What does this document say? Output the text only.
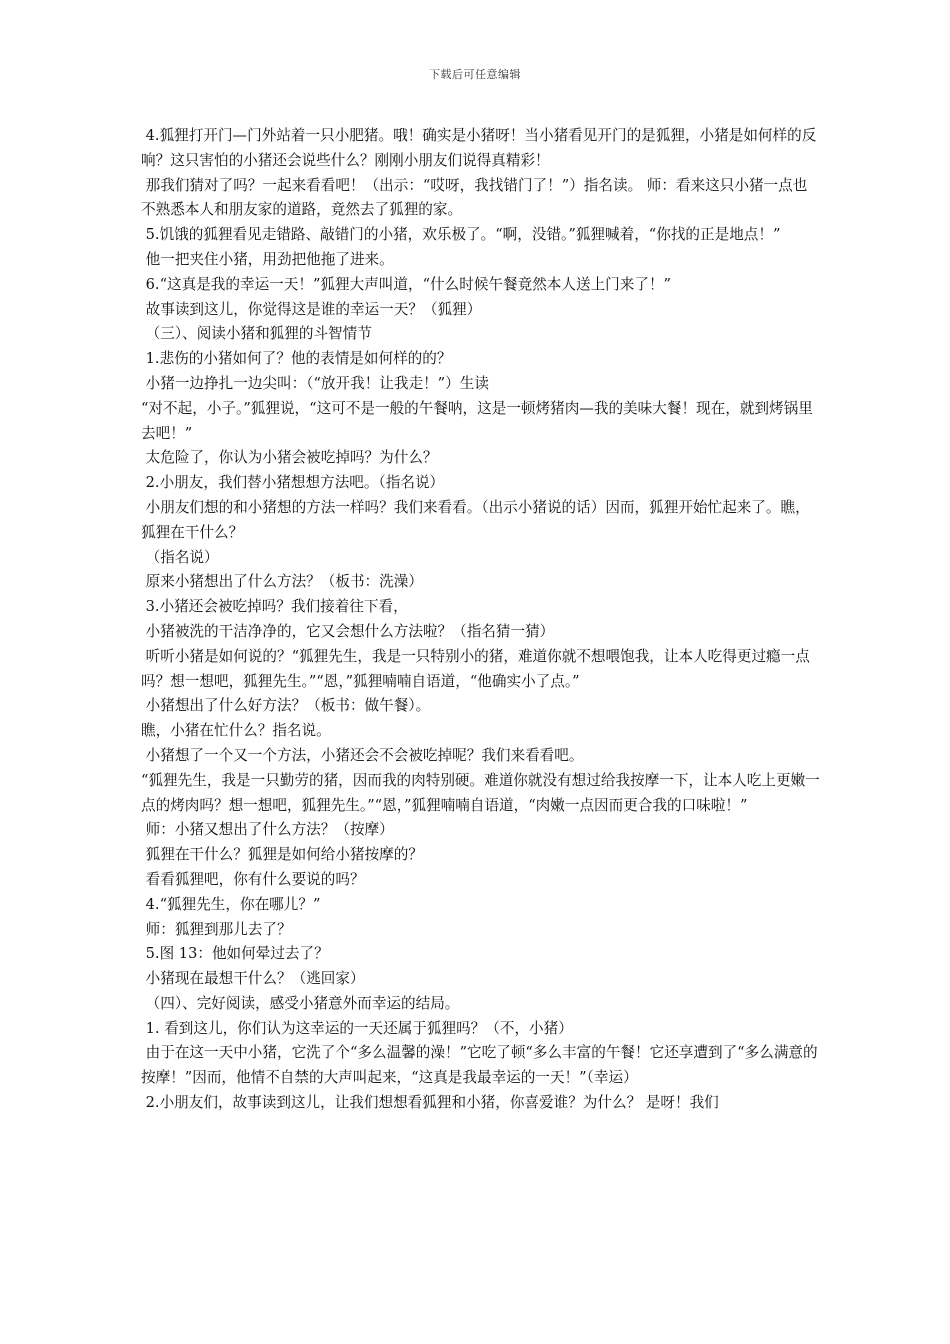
下载后可任意编辑

4.狐狸打开门—门外站着一只小肥猪。哦！确实是小猪呀！当小猪看见开门的是狐狸，小猪是如何样的反响？这只害怕的小猪还会说些什么？刚刚小朋友们说得真精彩！

那我们猜对了吗？一起来看看吧！（出示：“哎呀，我找错门了！”）指名读。 师：看来这只小猪一点也不熟悉本人和朋友家的道路，竟然去了狐狸的家。

5.饥饿的狐狸看见走错路、敲错门的小猪，欢乐极了。“啊，没错。”狐狸喊着，“你找的正是地点！”

他一把夹住小猪，用劲把他拖了进来。

6.“这真是我的幸运一天！”狐狸大声叫道，“什么时候午餐竟然本人送上门来了！”

故事读到这儿，你觉得这是谁的幸运一天？（狐狸）

（三）、阅读小猪和狐狸的斗智情节

1.悲伤的小猪如何了？他的表情是如何样的的？

小猪一边挣扎一边尖叫：（“放开我！让我走！”）生读

“对不起，小子。”狐狸说，“这可不是一般的午餐呐，这是一顿烤猪肉—我的美味大餐！现在，就到烤锅里去吧！”

太危险了，你认为小猪会被吃掉吗？为什么？

2.小朋友，我们替小猪想想方法吧。（指名说）

小朋友们想的和小猪想的方法一样吗？我们来看看。（出示小猪说的话）因而，狐狸开始忙起来了。瞧，狐狸在干什么？

（指名说）

原来小猪想出了什么方法？（板书：洗澡）

3.小猪还会被吃掉吗？我们接着往下看，

小猪被洗的干洁净净的，它又会想什么方法啦？（指名猜一猜）

听听小猪是如何说的？“狐狸先生，我是一只特别小的猪，难道你就不想喂饱我，让本人吃得更过瘾一点吗？想一想吧，狐狸先生。”“恩，”狐狸喃喃自语道，“他确实小了点。”

小猪想出了什么好方法？（板书：做午餐）。

瞧，小猪在忙什么？指名说。

小猪想了一个又一个方法，小猪还会不会被吃掉呢？我们来看看吧。

“狐狸先生，我是一只勤劳的猪，因而我的肉特别硬。难道你就没有想过给我按摩一下，让本人吃上更嫩一点的烤肉吗？想一想吧，狐狸先生。”“恩，”狐狸喃喃自语道，“肉嫩一点因而更合我的口味啦！”

师：小猪又想出了什么方法？（按摩）

狐狸在干什么？狐狸是如何给小猪按摩的？

看看狐狸吧，你有什么要说的吗？

4.“狐狸先生，你在哪儿？”

师：狐狸到那儿去了？

5.图 13：他如何晕过去了？

小猪现在最想干什么？（逃回家）

（四）、完好阅读，感受小猪意外而幸运的结局。

1. 看到这儿，你们认为这幸运的一天还属于狐狸吗？（不，小猪）

由于在这一天中小猪，它洗了个“多么温馨的澡！”它吃了顿“多么丰富的午餐！它还享遭到了“多么满意的按摩！”因而，他情不自禁的大声叫起来，“这真是我最幸运的一天！”（幸运）

2.小朋友们，故事读到这儿，让我们想想看狐狸和小猪，你喜爱谁？为什么？ 是呀！我们
